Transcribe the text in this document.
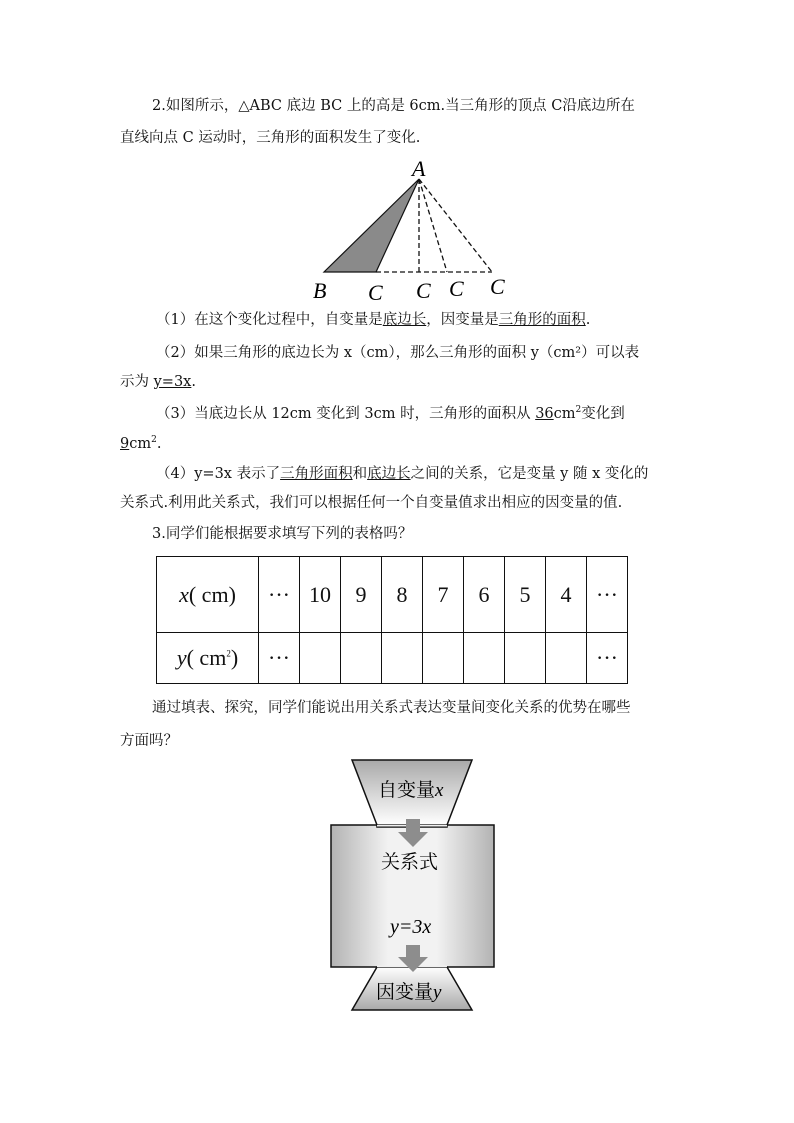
2.如图所示，△ABC 底边 BC 上的高是 6cm.当三角形的顶点 C沿底边所在
直线向点 C 运动时，三角形的面积发生了变化.
A
B C C C C
（1）在这个变化过程中，自变量是底边长，因变量是三角形的面积.
（2）如果三角形的底边长为 x（cm），那么三角形的面积 y（cm²）可以表
示为 y=3x.
（3）当底边长从 12cm 变化到 3cm 时，三角形的面积从 $36cm^2$变化到
$9cm^2$.
（4）y=3x 表示了三角形面积和底边长之间的关系，它是变量 y 随 x 变化的
关系式.利用此关系式，我们可以根据任何一个自变量值求出相应的因变量的值.
3.同学们能根据要求填写下列的表格吗？
x( cm)	···	10	9	8	7	6	5	4	···
y( $cm^2$)	···								···
通过填表、探究，同学们能说出用关系式表达变量间变化关系的优势在哪些
方面吗？
自变量x
关系式
y=3x
因变量y
